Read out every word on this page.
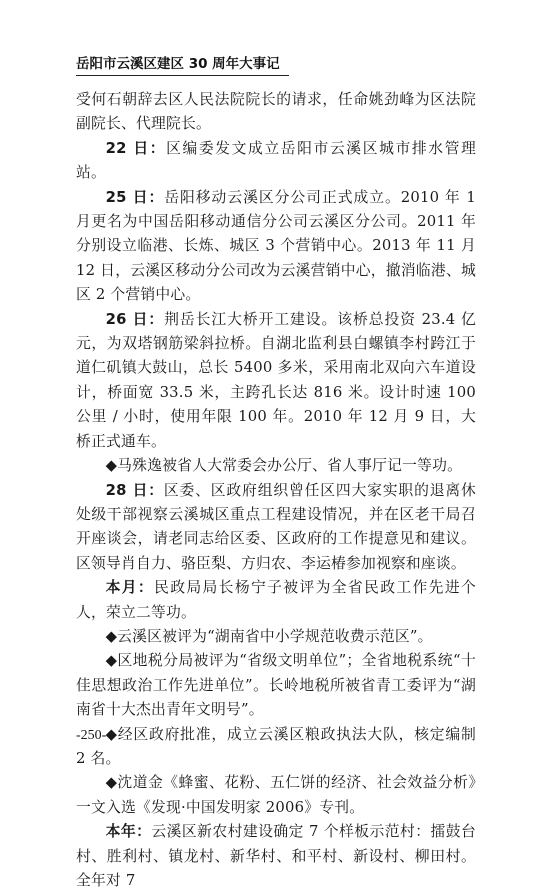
岳阳市云溪区建区 30 周年大事记

受何石朝辞去区人民法院院长的请求，任命姚劲峰为区法院副院长、代理院长。

22 日：区编委发文成立岳阳市云溪区城市排水管理站。

25 日：岳阳移动云溪区分公司正式成立。2010 年 1 月更名为中国岳阳移动通信分公司云溪区分公司。2011 年分别设立临港、长炼、城区 3 个营销中心。2013 年 11 月 12 日，云溪区移动分公司改为云溪营销中心，撤消临港、城区 2 个营销中心。

26 日：荆岳长江大桥开工建设。该桥总投资 23.4 亿元，为双塔钢筋梁斜拉桥。自湖北监利县白螺镇李村跨江于道仁矶镇大鼓山，总长 5400 多米，采用南北双向六车道设计，桥面宽 33.5 米，主跨孔长达 816 米。设计时速 100 公里 / 小时，使用年限 100 年。2010 年 12 月 9 日，大桥正式通车。

◆马殊逸被省人大常委会办公厅、省人事厅记一等功。

28 日：区委、区政府组织曾任区四大家实职的退离休处级干部视察云溪城区重点工程建设情况，并在区老干局召开座谈会，请老同志给区委、区政府的工作提意见和建议。区领导肖自力、骆臣梨、方归农、李运椿参加视察和座谈。

本月：民政局局长杨宁子被评为全省民政工作先进个人，荣立二等功。

◆云溪区被评为“湖南省中小学规范收费示范区”。

◆区地税分局被评为“省级文明单位”；全省地税系统“十佳思想政治工作先进单位”。长岭地税所被省青工委评为“湖南省十大杰出青年文明号”。

◆经区政府批准，成立云溪区粮政执法大队，核定编制 2 名。

◆沈道金《蜂蜜、花粉、五仁饼的经济、社会效益分析》一文入选《发现·中国发明家 2006》专刊。

本年：云溪区新农村建设确定 7 个样板示范村：擂鼓台村、胜利村、镇龙村、新华村、和平村、新设村、柳田村。全年对 7

-250-
